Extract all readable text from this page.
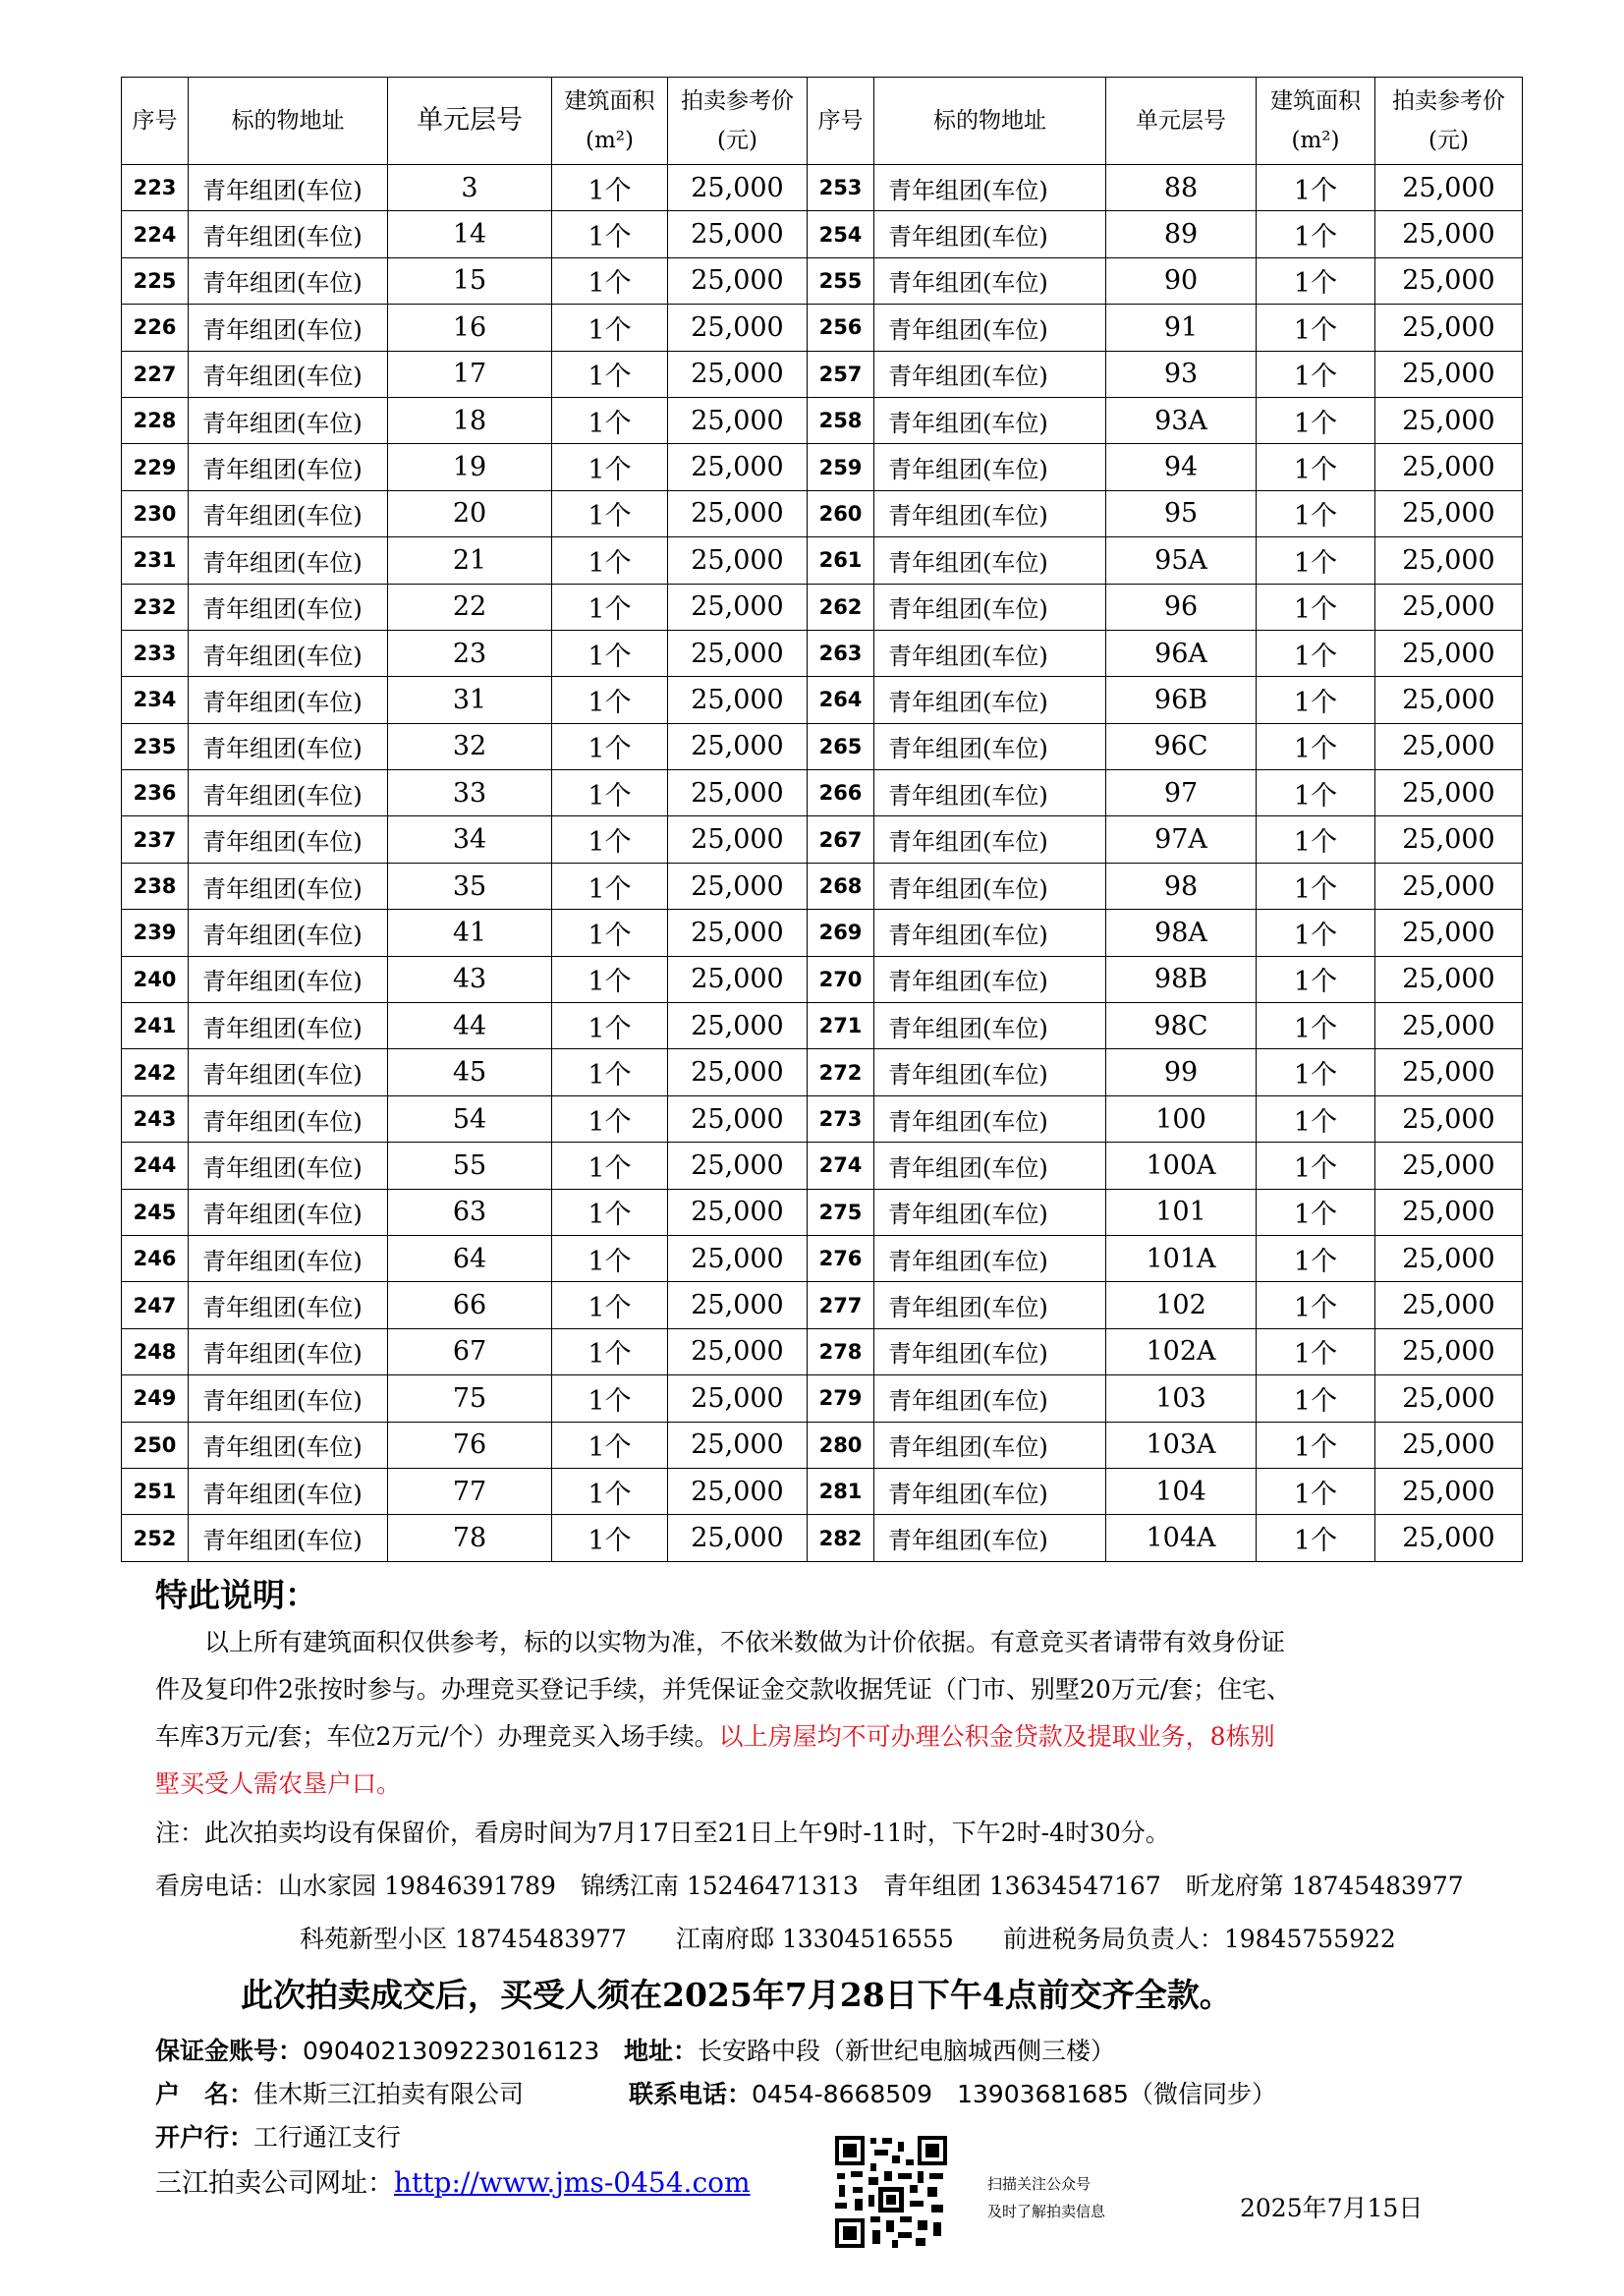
序号	标的物地址	单元层号	建筑面积(m²)	拍卖参考价(元)	序号	标的物地址	单元层号	建筑面积(m²)	拍卖参考价(元)
223	青年组团(车位)	3	1个	25,000	253	青年组团(车位)	88	1个	25,000
224	青年组团(车位)	14	1个	25,000	254	青年组团(车位)	89	1个	25,000
225	青年组团(车位)	15	1个	25,000	255	青年组团(车位)	90	1个	25,000
226	青年组团(车位)	16	1个	25,000	256	青年组团(车位)	91	1个	25,000
227	青年组团(车位)	17	1个	25,000	257	青年组团(车位)	93	1个	25,000
228	青年组团(车位)	18	1个	25,000	258	青年组团(车位)	93A	1个	25,000
229	青年组团(车位)	19	1个	25,000	259	青年组团(车位)	94	1个	25,000
230	青年组团(车位)	20	1个	25,000	260	青年组团(车位)	95	1个	25,000
231	青年组团(车位)	21	1个	25,000	261	青年组团(车位)	95A	1个	25,000
232	青年组团(车位)	22	1个	25,000	262	青年组团(车位)	96	1个	25,000
233	青年组团(车位)	23	1个	25,000	263	青年组团(车位)	96A	1个	25,000
234	青年组团(车位)	31	1个	25,000	264	青年组团(车位)	96B	1个	25,000
235	青年组团(车位)	32	1个	25,000	265	青年组团(车位)	96C	1个	25,000
236	青年组团(车位)	33	1个	25,000	266	青年组团(车位)	97	1个	25,000
237	青年组团(车位)	34	1个	25,000	267	青年组团(车位)	97A	1个	25,000
238	青年组团(车位)	35	1个	25,000	268	青年组团(车位)	98	1个	25,000
239	青年组团(车位)	41	1个	25,000	269	青年组团(车位)	98A	1个	25,000
240	青年组团(车位)	43	1个	25,000	270	青年组团(车位)	98B	1个	25,000
241	青年组团(车位)	44	1个	25,000	271	青年组团(车位)	98C	1个	25,000
242	青年组团(车位)	45	1个	25,000	272	青年组团(车位)	99	1个	25,000
243	青年组团(车位)	54	1个	25,000	273	青年组团(车位)	100	1个	25,000
244	青年组团(车位)	55	1个	25,000	274	青年组团(车位)	100A	1个	25,000
245	青年组团(车位)	63	1个	25,000	275	青年组团(车位)	101	1个	25,000
246	青年组团(车位)	64	1个	25,000	276	青年组团(车位)	101A	1个	25,000
247	青年组团(车位)	66	1个	25,000	277	青年组团(车位)	102	1个	25,000
248	青年组团(车位)	67	1个	25,000	278	青年组团(车位)	102A	1个	25,000
249	青年组团(车位)	75	1个	25,000	279	青年组团(车位)	103	1个	25,000
250	青年组团(车位)	76	1个	25,000	280	青年组团(车位)	103A	1个	25,000
251	青年组团(车位)	77	1个	25,000	281	青年组团(车位)	104	1个	25,000
252	青年组团(车位)	78	1个	25,000	282	青年组团(车位)	104A	1个	25,000
特此说明：
以上所有建筑面积仅供参考，标的以实物为准，不依米数做为计价依据。有意竞买者请带有效身份证
件及复印件2张按时参与。办理竞买登记手续，并凭保证金交款收据凭证（门市、别墅20万元/套；住宅、
车库3万元/套；车位2万元/个）办理竞买入场手续。以上房屋均不可办理公积金贷款及提取业务，8栋别
墅买受人需农垦户口。
注：此次拍卖均设有保留价，看房时间为7月17日至21日上午9时-11时，下午2时-4时30分。
看房电话：山水家园 19846391789　锦绣江南 15246471313　青年组团 13634547167　昕龙府第 18745483977
科苑新型小区 18745483977　　江南府邸 13304516555　　前进税务局负责人：19845755922
此次拍卖成交后，买受人须在2025年7月28日下午4点前交齐全款。
保证金账号：0904021309223016123 地址：长安路中段（新世纪电脑城西侧三楼）
户　名：佳木斯三江拍卖有限公司	联系电话：0454-8668509　13903681685（微信同步）
开户行：工行通江支行
三江拍卖公司网址：http://www.jms-0454.com	扫描关注公众号
及时了解拍卖信息	2025年7月15日
